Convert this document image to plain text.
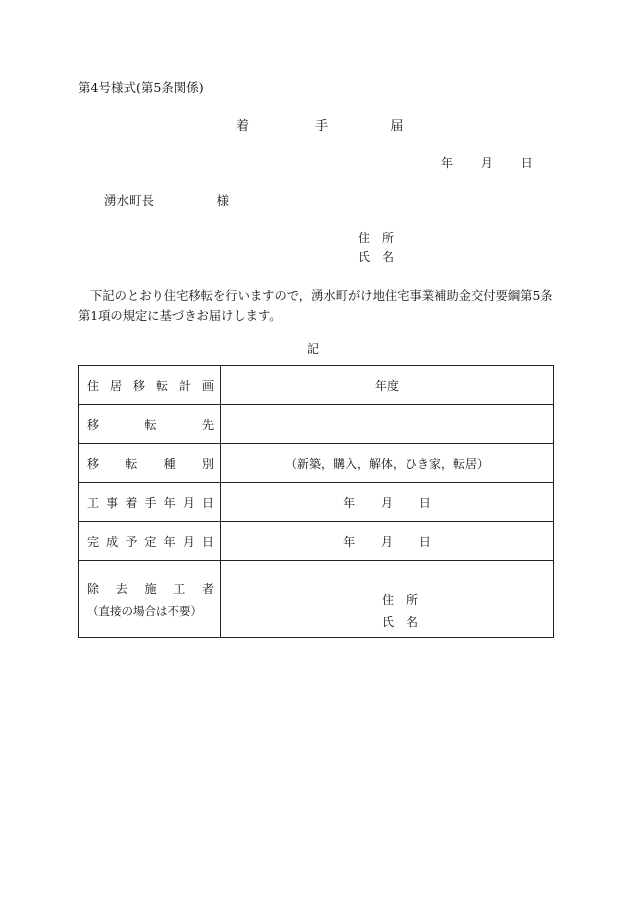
第4号様式(第5条関係)
着	手	届
年 月 日
湧水町長　　　　　様
住　所
氏　名
下記のとおり住宅移転を行いますので，湧水町がけ地住宅事業補助金交付要綱第5条第1項の規定に基づきお届けします。
記
住居移転計画	年度
移転先	
移転種別	（新築，購入，解体，ひき家，転居）
工事着手年月日	年 月 日
完成予定年月日	年 月 日

除去施工者
（直接の場合は不要）	住　所
氏　名
